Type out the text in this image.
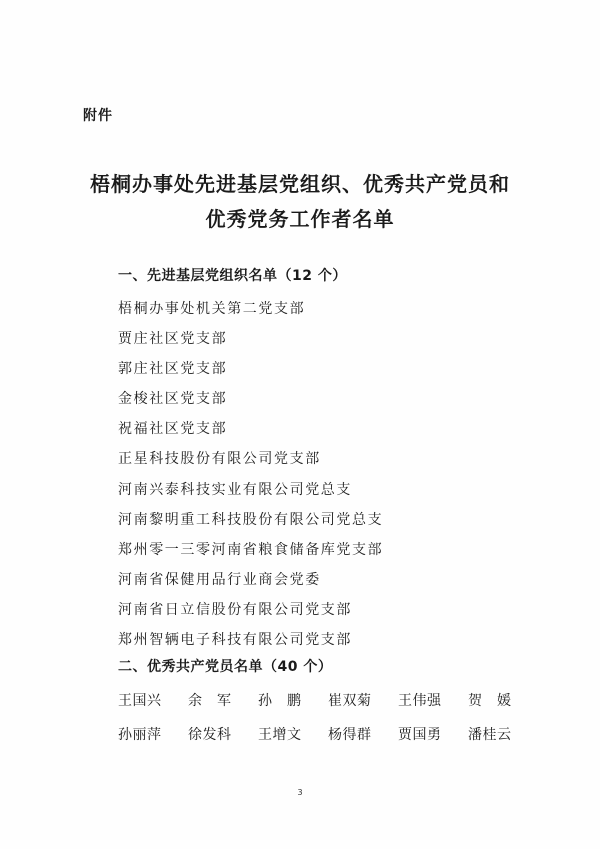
附件
梧桐办事处先进基层党组织、优秀共产党员和
优秀党务工作者名单
一、先进基层党组织名单（12 个）
梧桐办事处机关第二党支部
贾庄社区党支部
郭庄社区党支部
金梭社区党支部
祝福社区党支部
正星科技股份有限公司党支部
河南兴泰科技实业有限公司党总支
河南黎明重工科技股份有限公司党总支
郑州零一三零河南省粮食储备库党支部
河南省保健用品行业商会党委
河南省日立信股份有限公司党支部
郑州智辆电子科技有限公司党支部
二、优秀共产党员名单（40 个）
王国兴	余　军	孙　鹏	崔双菊	王伟强	贺　媛
孙丽萍	徐发科	王增文	杨得群	贾国勇	潘桂云
3
